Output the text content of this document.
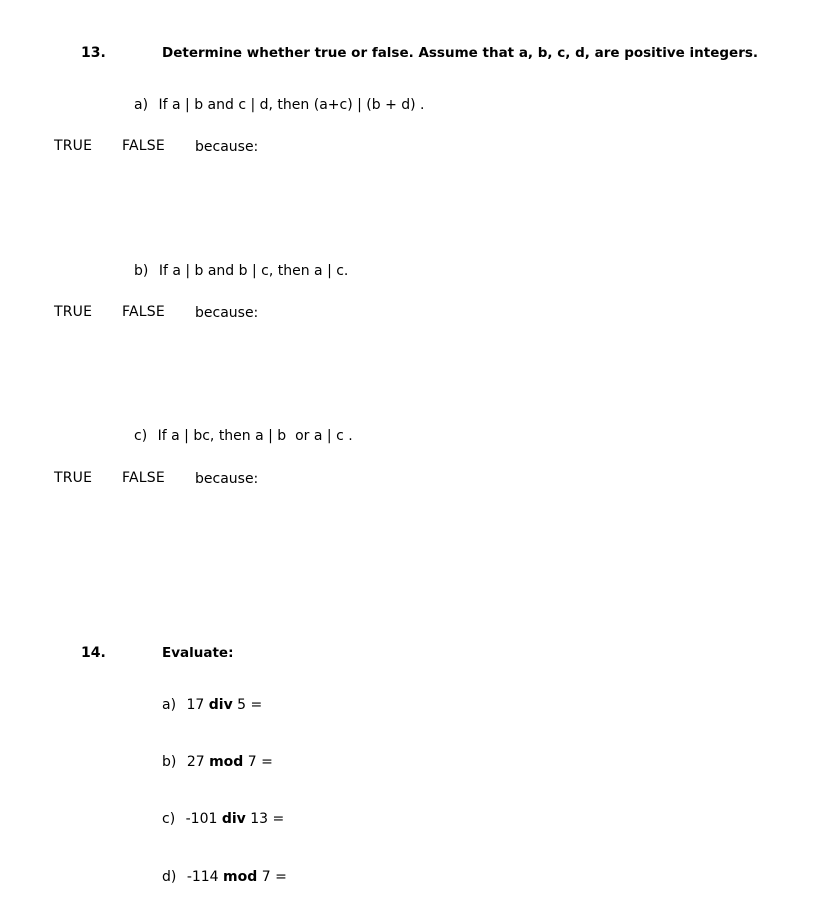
13.	Determine whether true or false. Assume that a, b, c, d, are positive integers.
a) If a | b and c | d, then (a+c) | (b + d) .
TRUE FALSE because:
b) If a | b and b | c, then a | c.
TRUE FALSE because:
c) If a | bc, then a | b  or a | c .
TRUE FALSE because:
14.	Evaluate:
a) 17 div 5 =
b) 27 mod 7 =
c) -101 div 13 =
d) -114 mod 7 =
